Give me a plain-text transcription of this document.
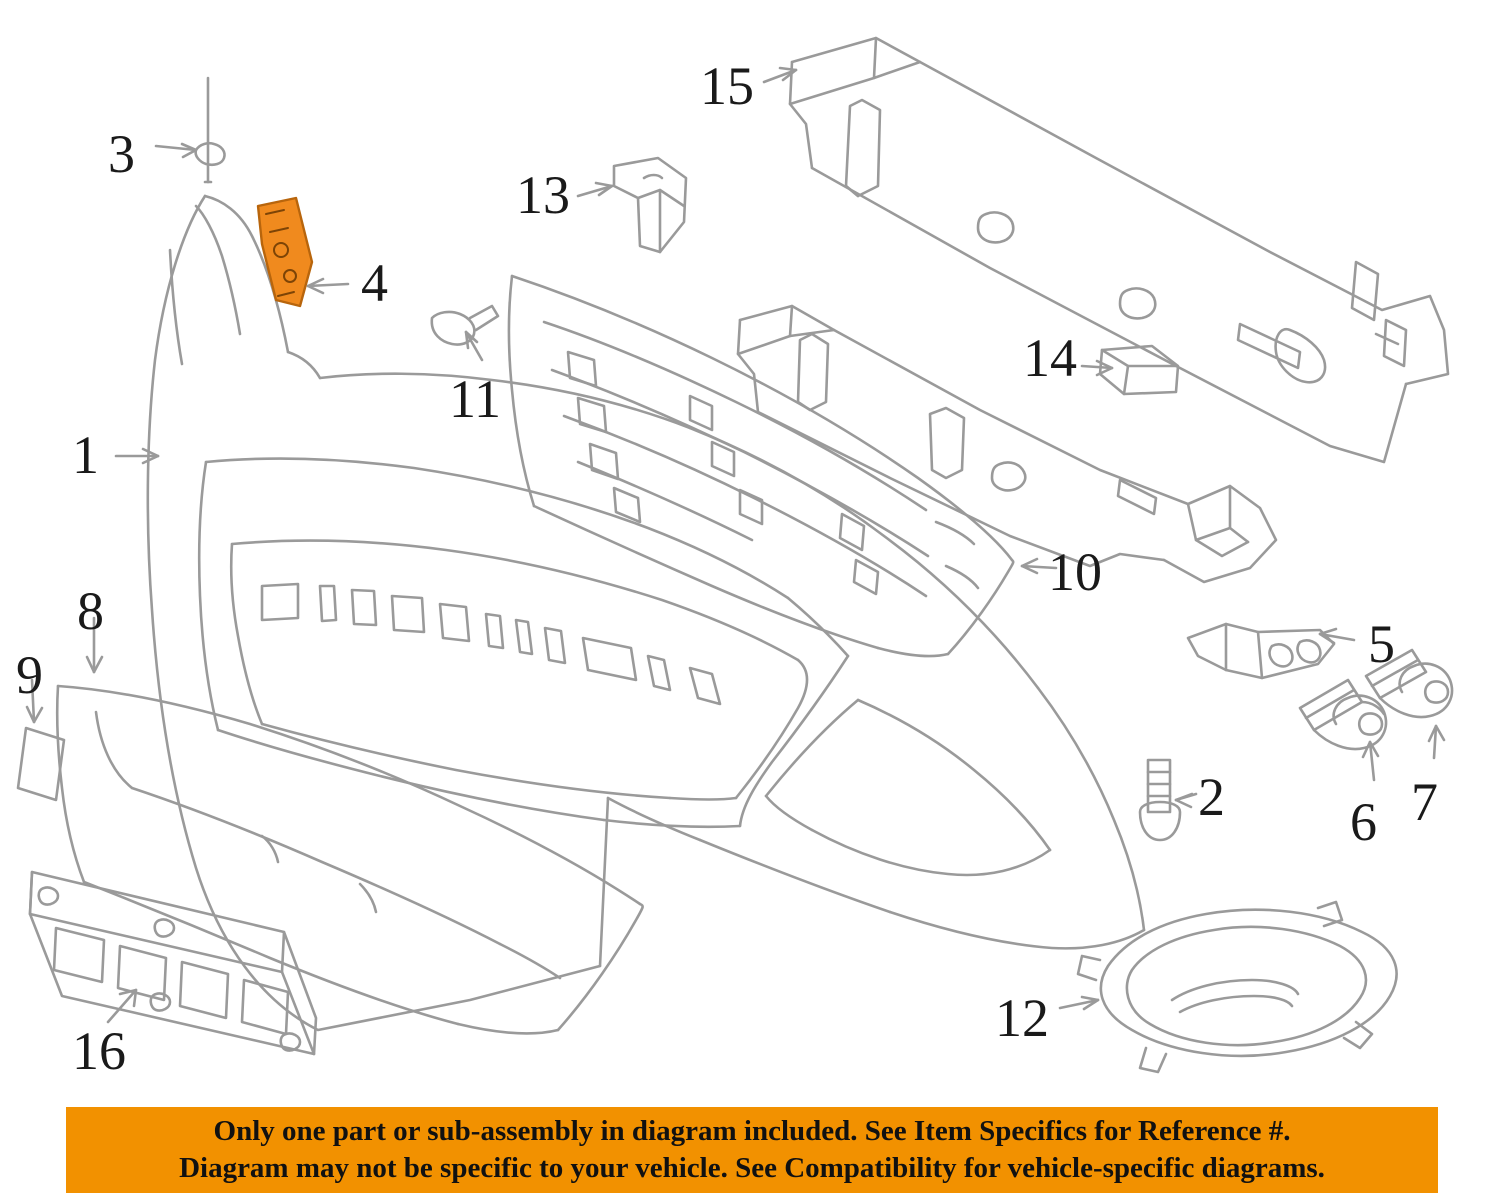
1
2
3
4
5
6 7
8
9
10
11
12
13
14
15
16
Only one part or sub-assembly in diagram included. See Item Specifics for Reference #.
Diagram may not be specific to your vehicle. See Compatibility for vehicle-specific diagrams.
